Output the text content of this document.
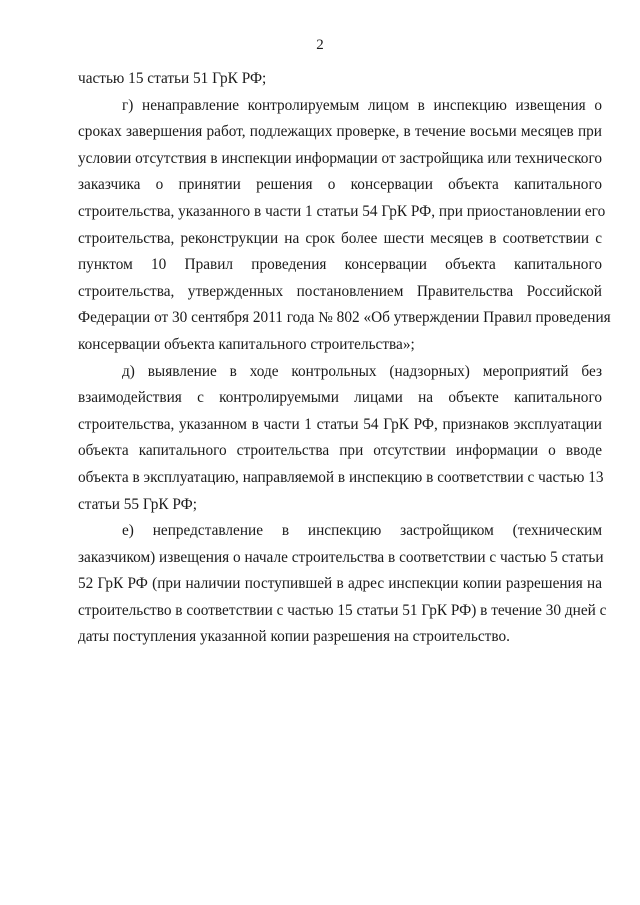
2
частью 15 статьи 51 ГрК РФ;
г) ненаправление контролируемым лицом в инспекцию извещения о
сроках завершения работ, подлежащих проверке, в течение восьми месяцев при
условии отсутствия в инспекции информации от застройщика или технического
заказчика о принятии решения о консервации объекта капитального
строительства, указанного в части 1 статьи 54 ГрК РФ, при приостановлении его
строительства, реконструкции на срок более шести месяцев в соответствии с
пунктом 10 Правил проведения консервации объекта капитального
строительства, утвержденных постановлением Правительства Российской
Федерации от 30 сентября 2011 года № 802 «Об утверждении Правил проведения
консервации объекта капитального строительства»;
д) выявление в ходе контрольных (надзорных) мероприятий без
взаимодействия с контролируемыми лицами на объекте капитального
строительства, указанном в части 1 статьи 54 ГрК РФ, признаков эксплуатации
объекта капитального строительства при отсутствии информации о вводе
объекта в эксплуатацию, направляемой в инспекцию в соответствии с частью 13
статьи 55 ГрК РФ;
е) непредставление в инспекцию застройщиком (техническим
заказчиком) извещения о начале строительства в соответствии с частью 5 статьи
52 ГрК РФ (при наличии поступившей в адрес инспекции копии разрешения на
строительство в соответствии с частью 15 статьи 51 ГрК РФ) в течение 30 дней с
даты поступления указанной копии разрешения на строительство.
